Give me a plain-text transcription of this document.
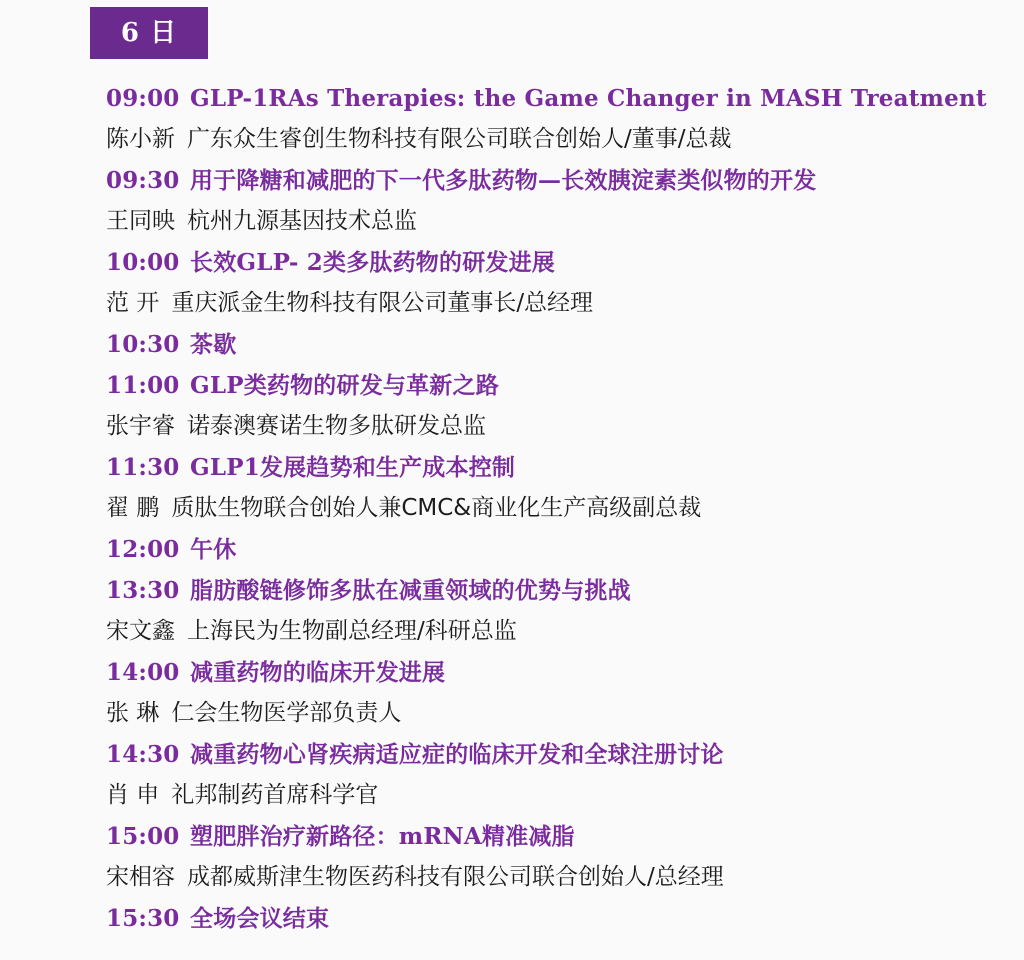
6 日
09:00 GLP-1RAs Therapies: the Game Changer in MASH Treatment
陈小新 广东众生睿创生物科技有限公司联合创始人/董事/总裁
09:30 用于降糖和减肥的下一代多肽药物—长效胰淀素类似物的开发
王同映 杭州九源基因技术总监
10:00 长效GLP- 2类多肽药物的研发进展
范 开 重庆派金生物科技有限公司董事长/总经理
10:30 茶歇
11:00 GLP类药物的研发与革新之路
张宇睿 诺泰澳赛诺生物多肽研发总监
11:30 GLP1发展趋势和生产成本控制
翟 鹏 质肽生物联合创始人兼CMC&商业化生产高级副总裁
12:00 午休
13:30 脂肪酸链修饰多肽在减重领域的优势与挑战
宋文鑫 上海民为生物副总经理/科研总监
14:00 减重药物的临床开发进展
张 琳 仁会生物医学部负责人
14:30 减重药物心肾疾病适应症的临床开发和全球注册讨论
肖 申 礼邦制药首席科学官
15:00 塑肥胖治疗新路径：mRNA精准减脂
宋相容 成都威斯津生物医药科技有限公司联合创始人/总经理
15:30 全场会议结束
